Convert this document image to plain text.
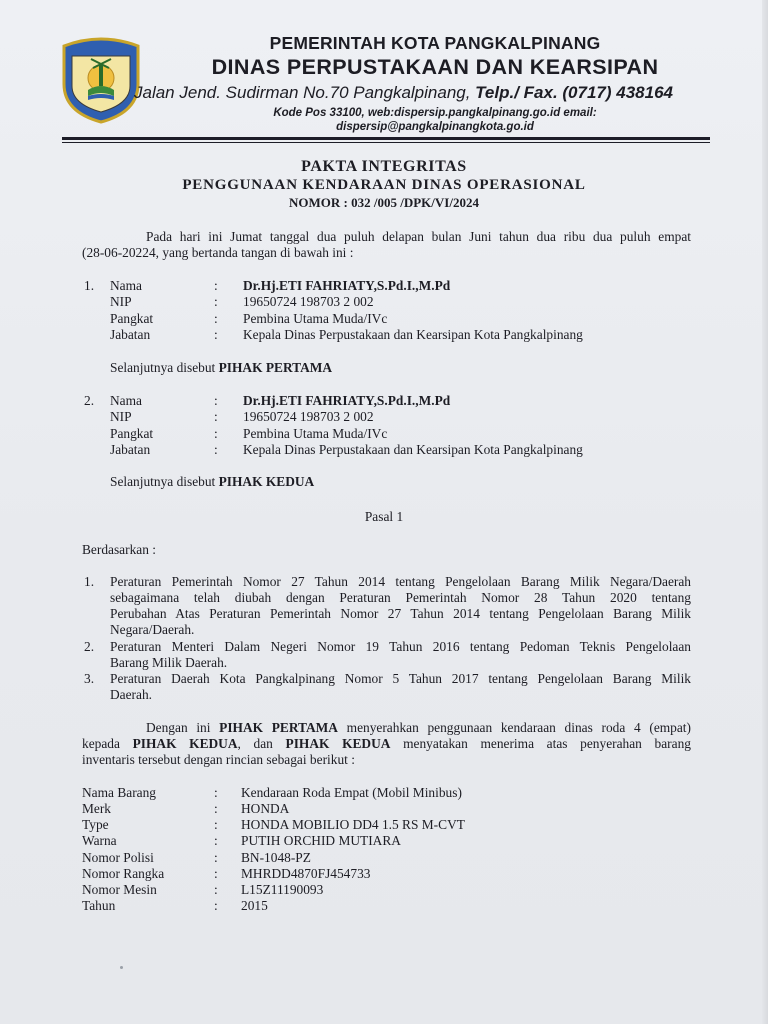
PEMERINTAH KOTA PANGKALPINANG
DINAS PERPUSTAKAAN DAN KEARSIPAN
Jalan Jend. Sudirman No.70 Pangkalpinang, Telp./ Fax. (0717) 438164
Kode Pos 33100, web:dispersip.pangkalpinang.go.id email:
dispersip@pangkalpinangkota.go.id
PAKTA INTEGRITAS
PENGGUNAAN KENDARAAN DINAS OPERASIONAL
NOMOR : 032 /005 /DPK/VI/2024
Pada hari ini Jumat tanggal dua puluh delapan bulan Juni tahun dua ribu dua puluh empat
(28-06-20224, yang bertanda tangan di bawah ini :
1. Nama	: Dr.Hj.ETI FAHRIATY,S.Pd.I.,M.Pd
NIP	: 19650724 198703 2 002
Pangkat	: Pembina Utama Muda/IVc
Jabatan	: Kepala Dinas Perpustakaan dan Kearsipan Kota Pangkalpinang
Selanjutnya disebut PIHAK PERTAMA
2. Nama	: Dr.Hj.ETI FAHRIATY,S.Pd.I.,M.Pd
NIP	: 19650724 198703 2 002
Pangkat	: Pembina Utama Muda/IVc
Jabatan	: Kepala Dinas Perpustakaan dan Kearsipan Kota Pangkalpinang
Selanjutnya disebut PIHAK KEDUA
Pasal 1
Berdasarkan :
1. Peraturan Pemerintah Nomor 27 Tahun 2014 tentang Pengelolaan Barang Milik Negara/Daerah
sebagaimana telah diubah dengan Peraturan Pemerintah Nomor 28 Tahun 2020 tentang
Perubahan Atas Peraturan Pemerintah Nomor 27 Tahun 2014 tentang Pengelolaan Barang Milik
Negara/Daerah.
2. Peraturan Menteri Dalam Negeri Nomor 19 Tahun 2016 tentang Pedoman Teknis Pengelolaan
Barang Milik Daerah.
3. Peraturan Daerah Kota Pangkalpinang Nomor 5 Tahun 2017 tentang Pengelolaan Barang Milik
Daerah.
Dengan ini PIHAK PERTAMA menyerahkan penggunaan kendaraan dinas roda 4 (empat)
kepada PIHAK KEDUA, dan PIHAK KEDUA menyatakan menerima atas penyerahan barang
inventaris tersebut dengan rincian sebagai berikut :
Nama Barang	: Kendaraan Roda Empat (Mobil Minibus)
Merk	: HONDA
Type	: HONDA MOBILIO DD4 1.5 RS M-CVT
Warna	: PUTIH ORCHID MUTIARA
Nomor Polisi	: BN-1048-PZ
Nomor Rangka	: MHRDD4870FJ454733
Nomor Mesin	: L15Z11190093
Tahun	: 2015
